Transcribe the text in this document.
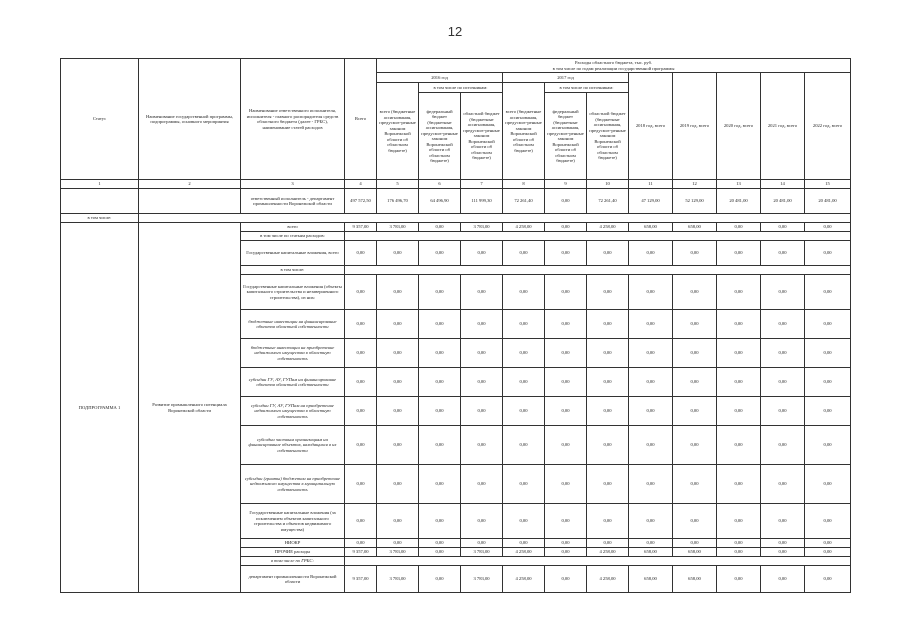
12
Статус	Наименование государственной программы, подпрограммы, основного мероприятия	Наименование ответственного исполнителя, исполнителя - главного распорядителя средств областного бюджета (далее - ГРБС), наименование статей расходов	Всего	Расходы областного бюджета, тыс. руб.
в том числе по годам реализации государственной программы										

				2016 год			2017 год			2018 год, всего	2019 год, всего	2020 год, всего	2021 год, всего	2022 год, всего
				всего (бюджетные ассигнования, предусмот-ренные законом Воронежской области об областном бюджете)	в том числе по источникам:		всего (бюджетные ассигнования, предусмот-ренные законом Воронежской области об областном бюджете)	в том числе по источникам:						
					федеральный бюджет (бюджетные ассигнования, предусмот-ренные законом Воронежской области об областном бюджете)	областной бюджет (бюджетные ассигнования, предусмот-ренные законом Воронежской области об областном бюджете)		федеральный бюджет (бюджетные ассигнования, предусмот-ренные законом Воронежской области об областном бюджете)	областной бюджет (бюджетные ассигнования, предусмот-ренные законом Воронежской области об областном бюджете)					
1	2	3	4	5	6	7	8	9	10	11	12	13	14	15
		ответственный исполнитель - департамент промышленности Воронежской области	497 572,50	176 496,70	64 496,90	111 999,30	72 261,40	0,00	72 261,40	47 129,00	52 129,00	20 481,00	20 481,00	20 481,00
в том числе:														
ПОДПРОГРАММА 1	Развитие промышленного потенциала Воронежской области	всего	9 357,00	3 783,00	0,00	3 783,00	4 258,00	0,00	4 258,00	658,00	658,00	0,00	0,00	0,00
		в том числе по статьям расходов:												
		Государственные капитальные вложения, всего	0,00	0,00	0,00	0,00	0,00	0,00	0,00	0,00	0,00	0,00	0,00	0,00
		в том числе:												
		Государственные капитальные вложения (объекты капитального строительства и незавершенного строительства), из них:	0,00	0,00	0,00	0,00	0,00	0,00	0,00	0,00	0,00	0,00	0,00	0,00
		бюджетные инвестиции на финансирование объектов областной собственности	0,00	0,00	0,00	0,00	0,00	0,00	0,00	0,00	0,00	0,00	0,00	0,00
		бюджетные инвестиции на приобретение недвижимого имущества в областную собственность	0,00	0,00	0,00	0,00	0,00	0,00	0,00	0,00	0,00	0,00	0,00	0,00
		субсидии ГУ, АУ, ГУПам на финансирование объектов областной собственности	0,00	0,00	0,00	0,00	0,00	0,00	0,00	0,00	0,00	0,00	0,00	0,00
		субсидии ГУ, АУ, ГУПам на приобретение недвижимого имущества в областную собственность	0,00	0,00	0,00	0,00	0,00	0,00	0,00	0,00	0,00	0,00	0,00	0,00
		субсидии частным организациям на финансирование объектов, находящихся в их собственности	0,00	0,00	0,00	0,00	0,00	0,00	0,00	0,00	0,00	0,00	0,00	0,00
		субсидии (гранты) бюджетам на приобретение недвижимого имущества в муниципальную собственность	0,00	0,00	0,00	0,00	0,00	0,00	0,00	0,00	0,00	0,00	0,00	0,00
		Государственные капитальные вложения (за исключением объектов капитального строительства и объектов недвижимого имущества)	0,00	0,00	0,00	0,00	0,00	0,00	0,00	0,00	0,00	0,00	0,00	0,00
		НИОКР	0,00	0,00	0,00	0,00	0,00	0,00	0,00	0,00	0,00	0,00	0,00	0,00
		ПРОЧИЕ расходы	9 357,00	3 783,00	0,00	3 783,00	4 258,00	0,00	4 258,00	658,00	658,00	0,00	0,00	0,00
		в том числе по ГРБС:												
		департамент промышленности Воронежской области	9 357,00	3 783,00	0,00	3 783,00	4 258,00	0,00	4 258,00	658,00	658,00	0,00	0,00	0,00
